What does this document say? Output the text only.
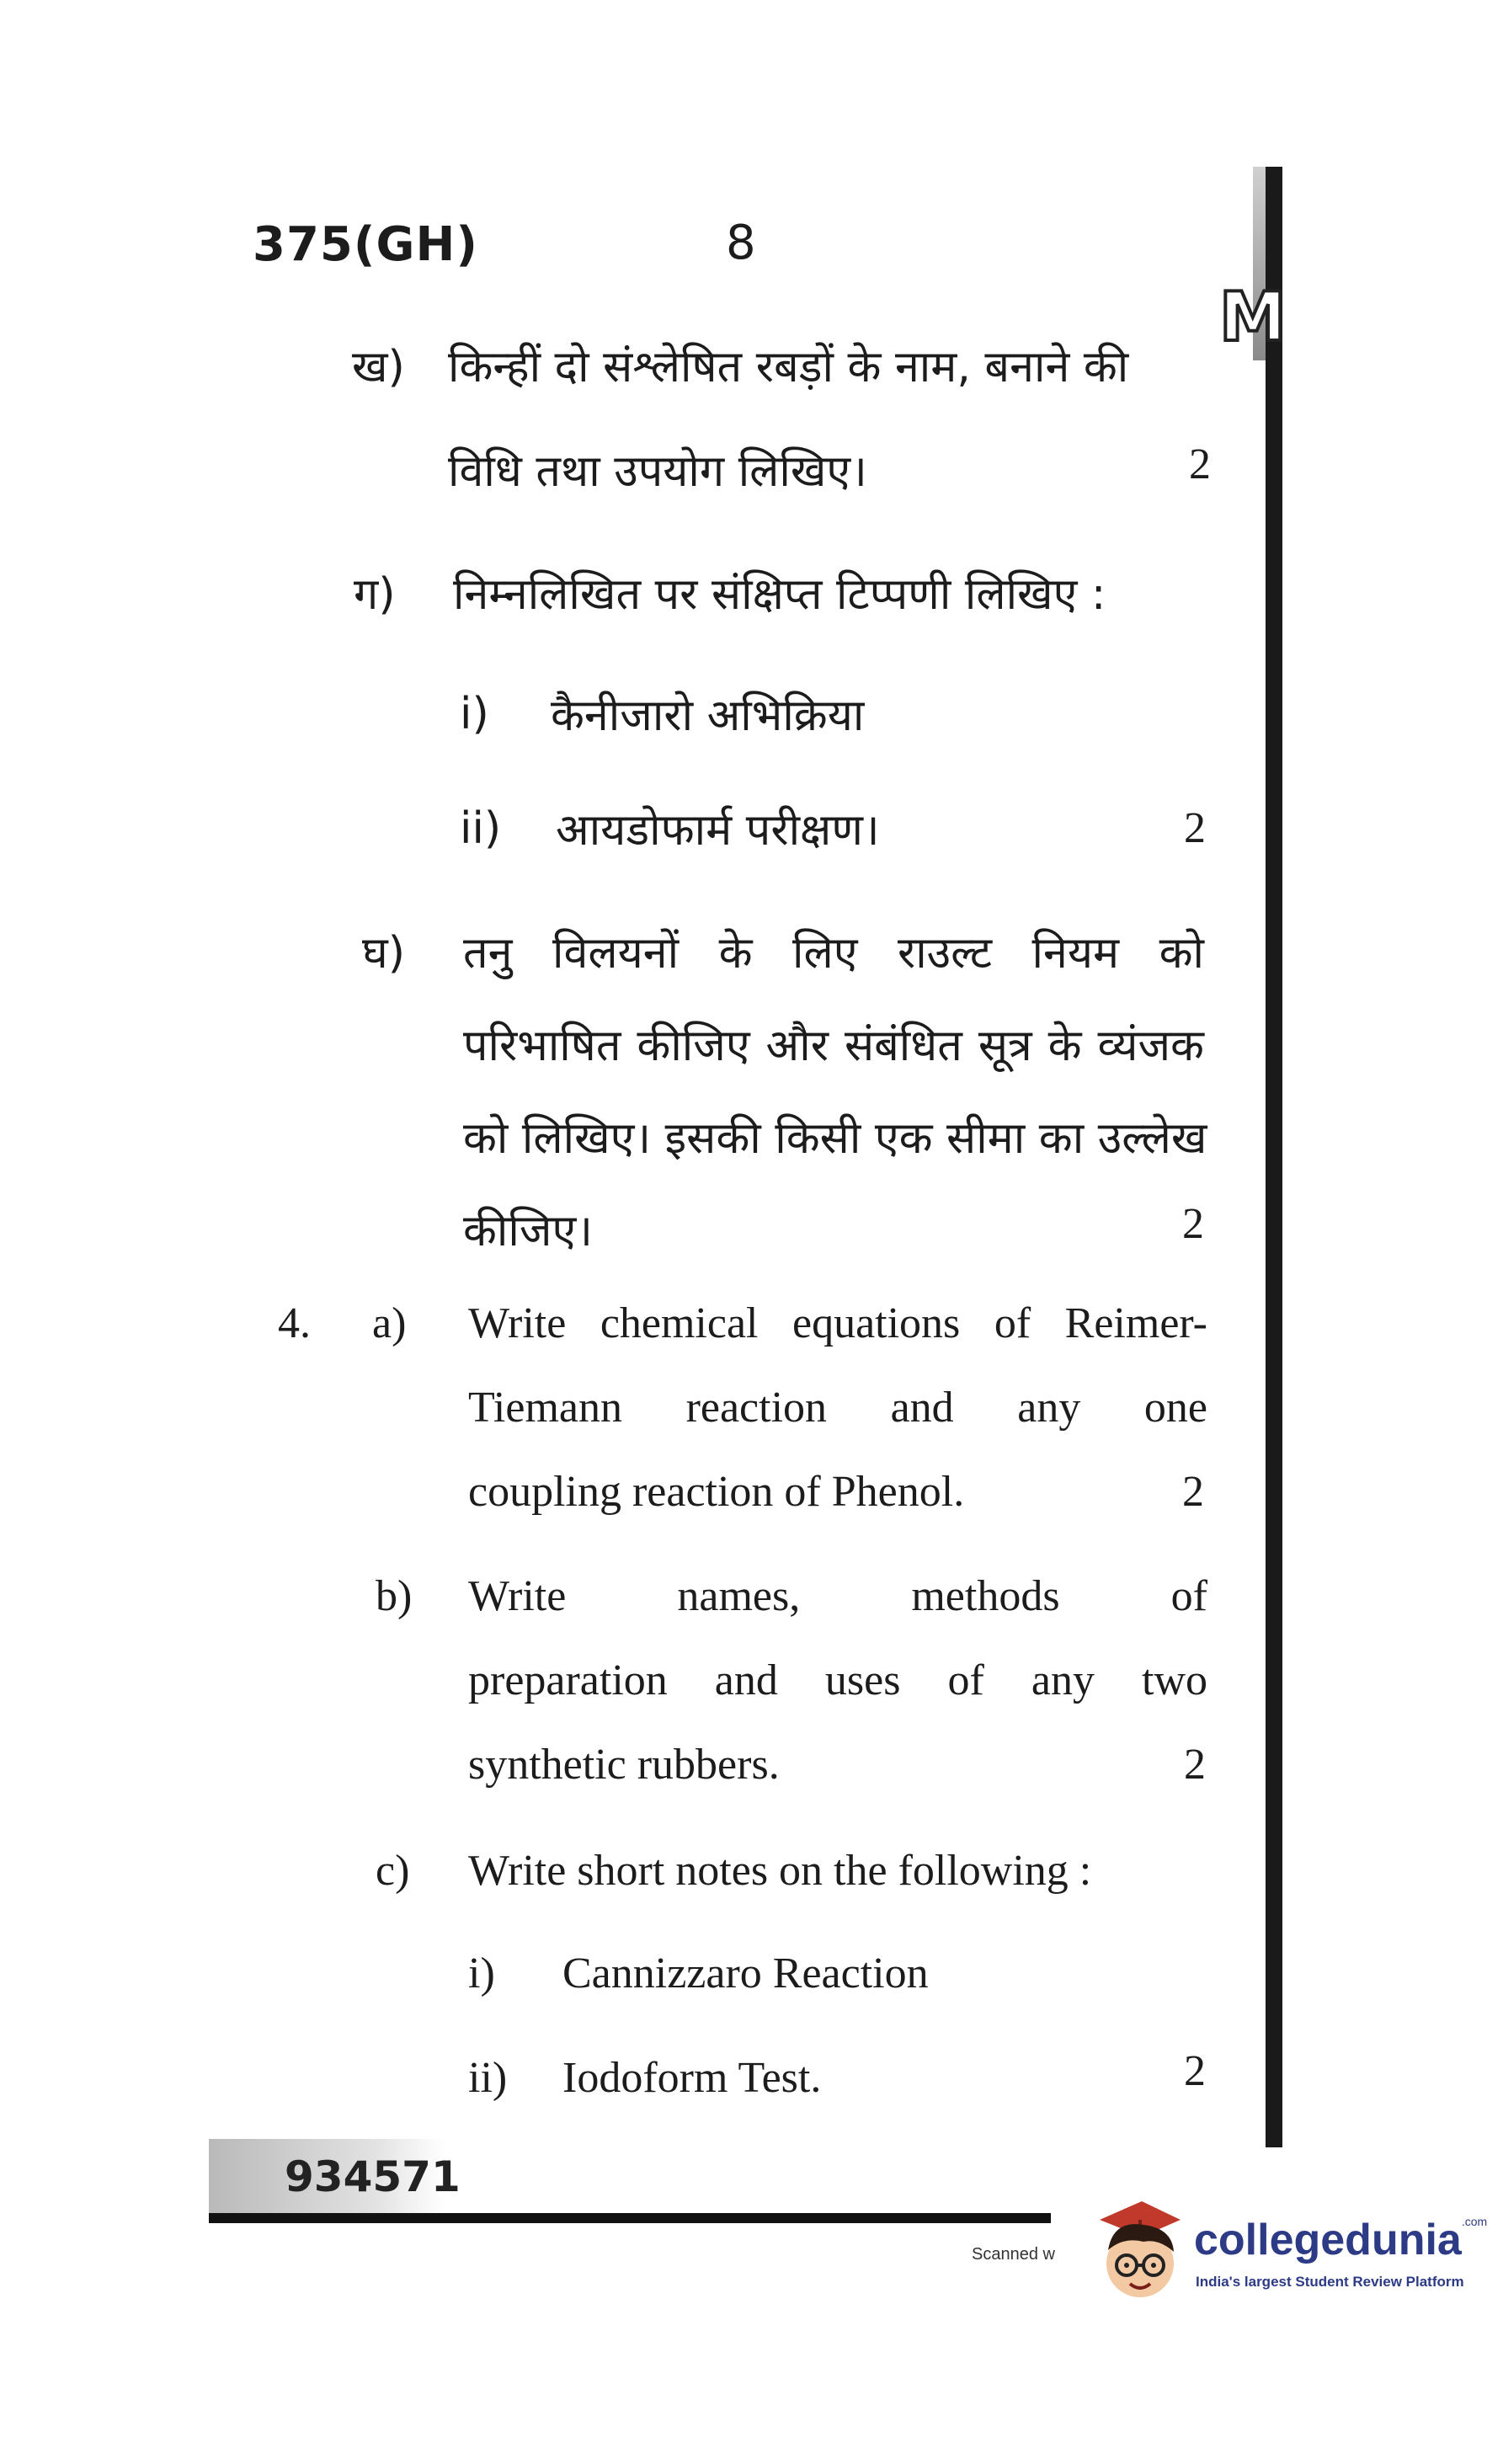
375(GH)	8
M
ख) किन्हीं दो संश्लेषित रबड़ों के नाम, बनाने की
विधि तथा उपयोग लिखिए।	2
ग) निम्नलिखित पर संक्षिप्त टिप्पणी लिखिए :
i) कैनीजारो अभिक्रिया
ii) आयडोफार्म परीक्षण।	2
घ) तनु विलयनों के लिए राउल्ट नियम को
परिभाषित कीजिए और संबंधित सूत्र के व्यंजक
को लिखिए। इसकी किसी एक सीमा का उल्लेख
कीजिए।	2
4. a) Write chemical equations of Reimer-
Tiemann reaction and any one
coupling reaction of Phenol.	2
b) Write names, methods of
preparation and uses of any two
synthetic rubbers.	2
c) Write short notes on the following :
i) Cannizzaro Reaction
ii) Iodoform Test.	2
934571
Scanned w	collegedunia$^{.com}$
India's largest Student Review Platform
